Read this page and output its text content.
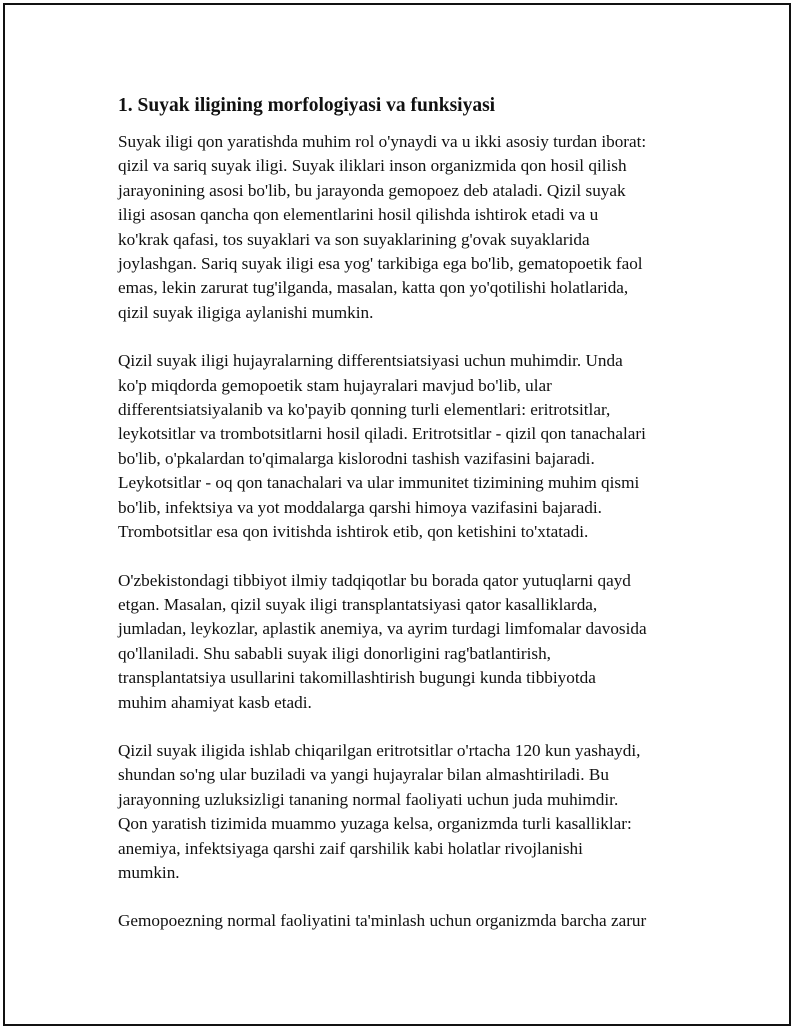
1. Suyak iligining morfologiyasi va funksiyasi

Suyak iligi qon yaratishda muhim rol o'ynaydi va u ikki asosiy turdan iborat:
qizil va sariq suyak iligi. Suyak iliklari inson organizmida qon hosil qilish
jarayonining asosi bo'lib, bu jarayonda gemopoez deb ataladi. Qizil suyak
iligi asosan qancha qon elementlarini hosil qilishda ishtirok etadi va u
ko'krak qafasi, tos suyaklari va son suyaklarining g'ovak suyaklarida
joylashgan. Sariq suyak iligi esa yog' tarkibiga ega bo'lib, gematopoetik faol
emas, lekin zarurat tug'ilganda, masalan, katta qon yo'qotilishi holatlarida,
qizil suyak iligiga aylanishi mumkin.

Qizil suyak iligi hujayralarning differentsiatsiyasi uchun muhimdir. Unda
ko'p miqdorda gemopoetik stam hujayralari mavjud bo'lib, ular
differentsiatsiyalanib va ko'payib qonning turli elementlari: eritrotsitlar,
leykotsitlar va trombotsitlarni hosil qiladi. Eritrotsitlar - qizil qon tanachalari
bo'lib, o'pkalardan to'qimalarga kislorodni tashish vazifasini bajaradi.
Leykotsitlar - oq qon tanachalari va ular immunitet tizimining muhim qismi
bo'lib, infektsiya va yot moddalarga qarshi himoya vazifasini bajaradi.
Trombotsitlar esa qon ivitishda ishtirok etib, qon ketishini to'xtatadi.

O'zbekistondagi tibbiyot ilmiy tadqiqotlar bu borada qator yutuqlarni qayd
etgan. Masalan, qizil suyak iligi transplantatsiyasi qator kasalliklarda,
jumladan, leykozlar, aplastik anemiya, va ayrim turdagi limfomalar davosida
qo'llaniladi. Shu sababli suyak iligi donorligini rag'batlantirish,
transplantatsiya usullarini takomillashtirish bugungi kunda tibbiyotda
muhim ahamiyat kasb etadi.

Qizil suyak iligida ishlab chiqarilgan eritrotsitlar o'rtacha 120 kun yashaydi,
shundan so'ng ular buziladi va yangi hujayralar bilan almashtiriladi. Bu
jarayonning uzluksizligi tananing normal faoliyati uchun juda muhimdir.
Qon yaratish tizimida muammo yuzaga kelsa, organizmda turli kasalliklar:
anemiya, infektsiyaga qarshi zaif qarshilik kabi holatlar rivojlanishi
mumkin.

Gemopoezning normal faoliyatini ta'minlash uchun organizmda barcha zarur
